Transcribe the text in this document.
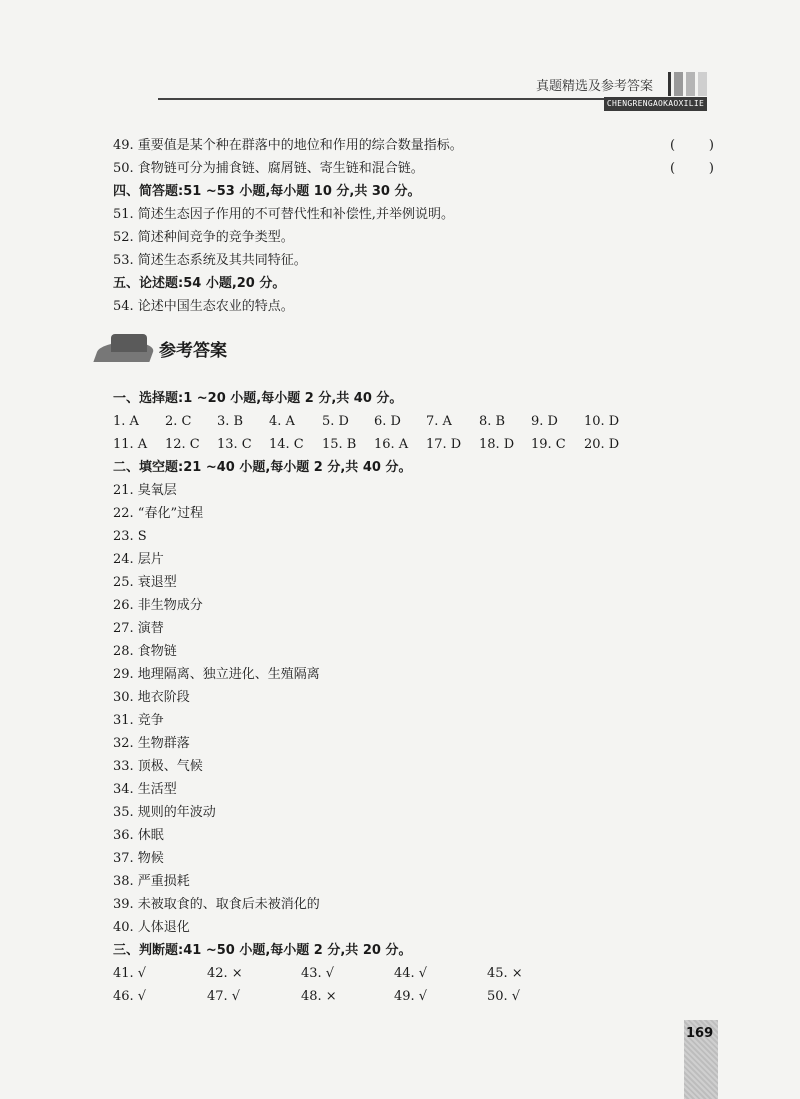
真题精选及参考答案
CHENGRENGAOKAOXILIE
49. 重要值是某个种在群落中的地位和作用的综合数量指标。	(	)
50. 食物链可分为捕食链、腐屑链、寄生链和混合链。	(	)
四、简答题:51 ~53 小题,每小题 10 分,共 30 分。
51. 简述生态因子作用的不可替代性和补偿性,并举例说明。
52. 简述种间竞争的竞争类型。
53. 简述生态系统及其共同特征。
五、论述题:54 小题,20 分。
54. 论述中国生态农业的特点。
参考答案
一、选择题:1 ~20 小题,每小题 2 分,共 40 分。
1. A 2. C 3. B 4. A 5. D 6. D 7. A 8. B 9. D 10. D
11. A 12. C 13. C 14. C 15. B 16. A 17. D 18. D 19. C 20. D
二、填空题:21 ~40 小题,每小题 2 分,共 40 分。
21. 臭氧层
22. “春化”过程
23. S
24. 层片
25. 衰退型
26. 非生物成分
27. 演替
28. 食物链
29. 地理隔离、独立进化、生殖隔离
30. 地衣阶段
31. 竞争
32. 生物群落
33. 顶极、气候
34. 生活型
35. 规则的年波动
36. 休眠
37. 物候
38. 严重损耗
39. 未被取食的、取食后未被消化的
40. 人体退化
三、判断题:41 ~50 小题,每小题 2 分,共 20 分。
41. √	42. ×	43. √	44. √	45. ×
46. √	47. √	48. ×	49. √	50. √
169
